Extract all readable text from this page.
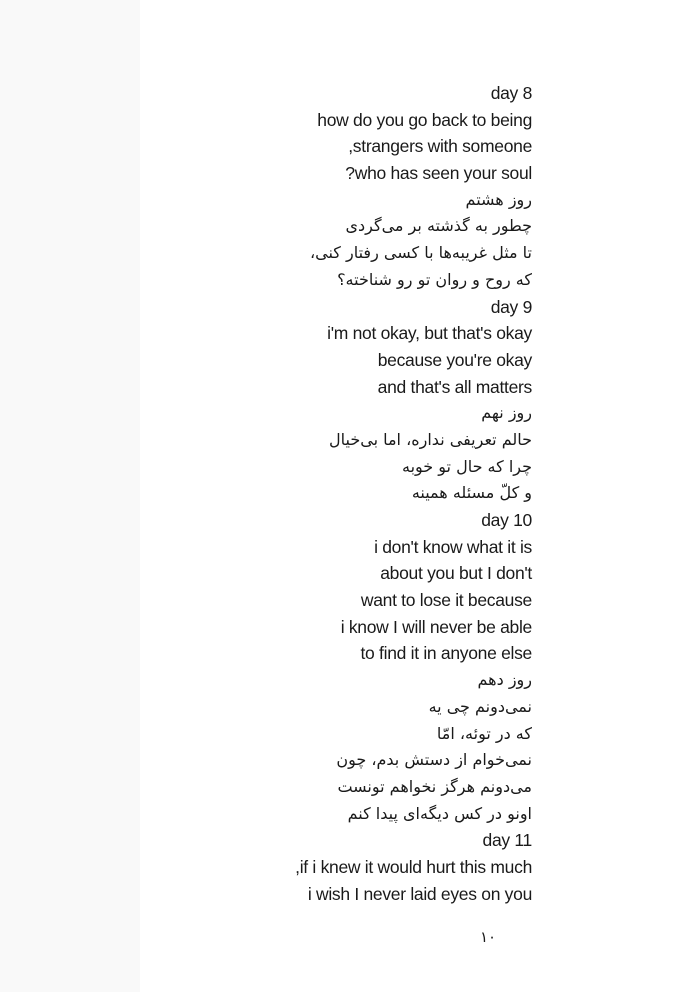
day 8
how do you go back to being
,strangers with someone
?who has seen your soul
روز هشتم
چطور به گذشته بر می‌گردی
تا مثل غریبه‌ها با کسی رفتار کنی،
که روح و روان تو رو شناخته؟
day 9
i'm not okay, but that's okay
because you're okay
and that's all matters
روز نهم
حالم تعریفی نداره، اما بی‌خیال
چرا که حال تو خوبه
و کلّ مسئله همینه
day 10
i don't know what it is
about you but I don't
want to lose it because
i know I will never be able
to find it in anyone else
روز دهم
نمی‌دونم چی یه
که در توئه، امّا
نمی‌خوام از دستش بدم، چون
می‌دونم هرگز نخواهم تونست
اونو در کس دیگه‌ای پیدا کنم
day 11
,if i knew it would hurt this much
i wish I never laid eyes on you
۱۰
